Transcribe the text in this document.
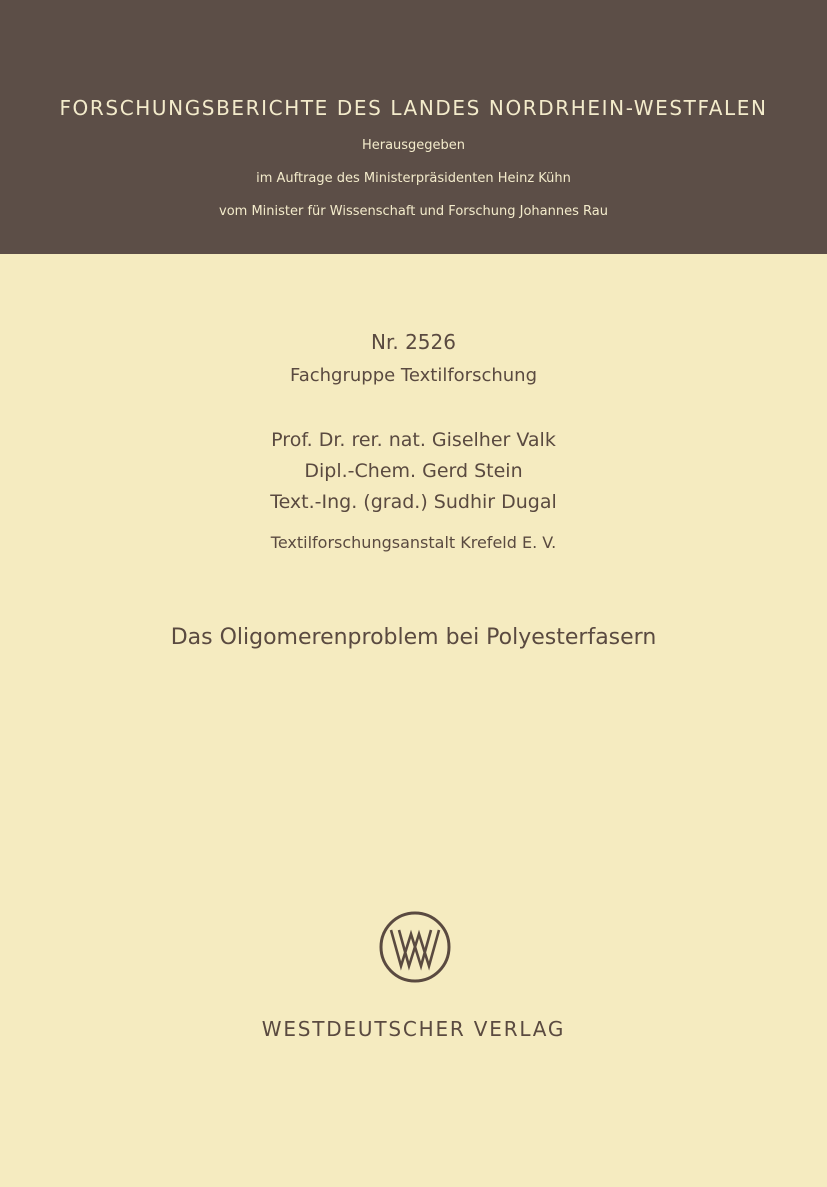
FORSCHUNGSBERICHTE DES LANDES NORDRHEIN-WESTFALEN
Herausgegeben
im Auftrage des Ministerpräsidenten Heinz Kühn
vom Minister für Wissenschaft und Forschung Johannes Rau
Nr. 2526
Fachgruppe Textilforschung
Prof. Dr. rer. nat. Giselher Valk
Dipl.-Chem. Gerd Stein
Text.-Ing. (grad.) Sudhir Dugal
Textilforschungsanstalt Krefeld E. V.
Das Oligomerenproblem bei Polyesterfasern
WESTDEUTSCHER VERLAG
